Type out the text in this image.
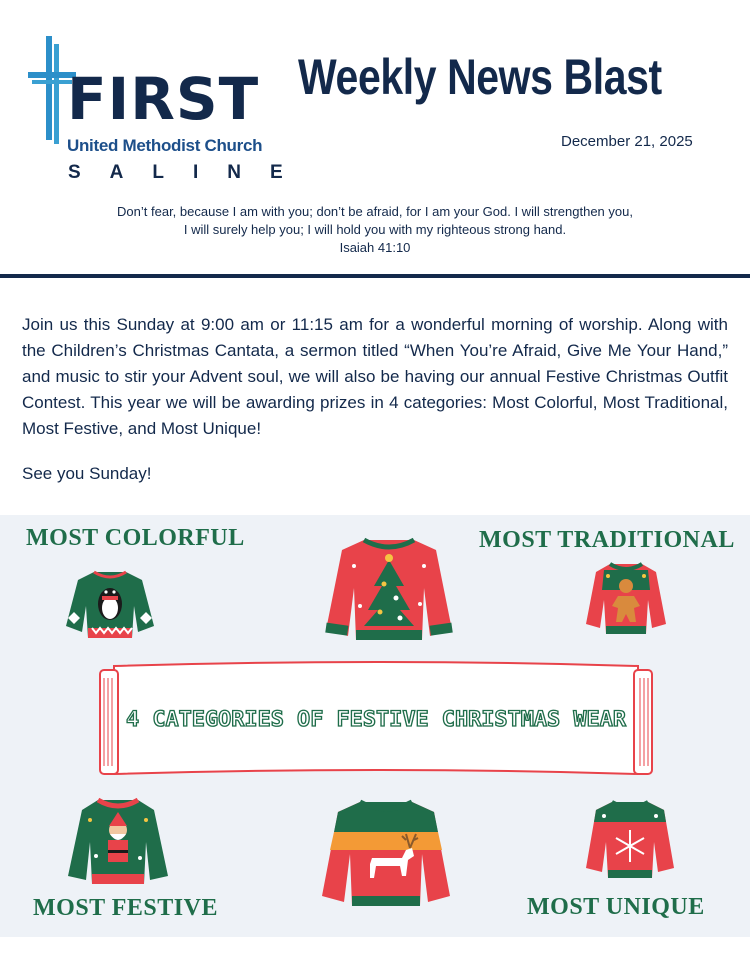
FIRST
United Methodist Church
SALINE
Weekly News Blast
December 21, 2025
Don’t fear, because I am with you; don’t be afraid, for I am your God. I will strengthen you,
I will surely help you; I will hold you with my righteous strong hand.
Isaiah 41:10
Join us this Sunday at 9:00 am or 11:15 am for a wonderful morning of worship. Along with the Children’s Christmas Cantata, a sermon titled “When You’re Afraid, Give Me Your Hand,” and music to stir your Advent soul, we will also be having our annual Festive Christmas Outfit Contest. This year we will be awarding prizes in 4 categories: Most Colorful, Most Traditional, Most Festive, and Most Unique!
See you Sunday!
MOST COLORFUL	MOST TRADITIONAL
MOST FESTIVE	MOST UNIQUE
4 CATEGORIES OF FESTIVE CHRISTMAS WEAR
